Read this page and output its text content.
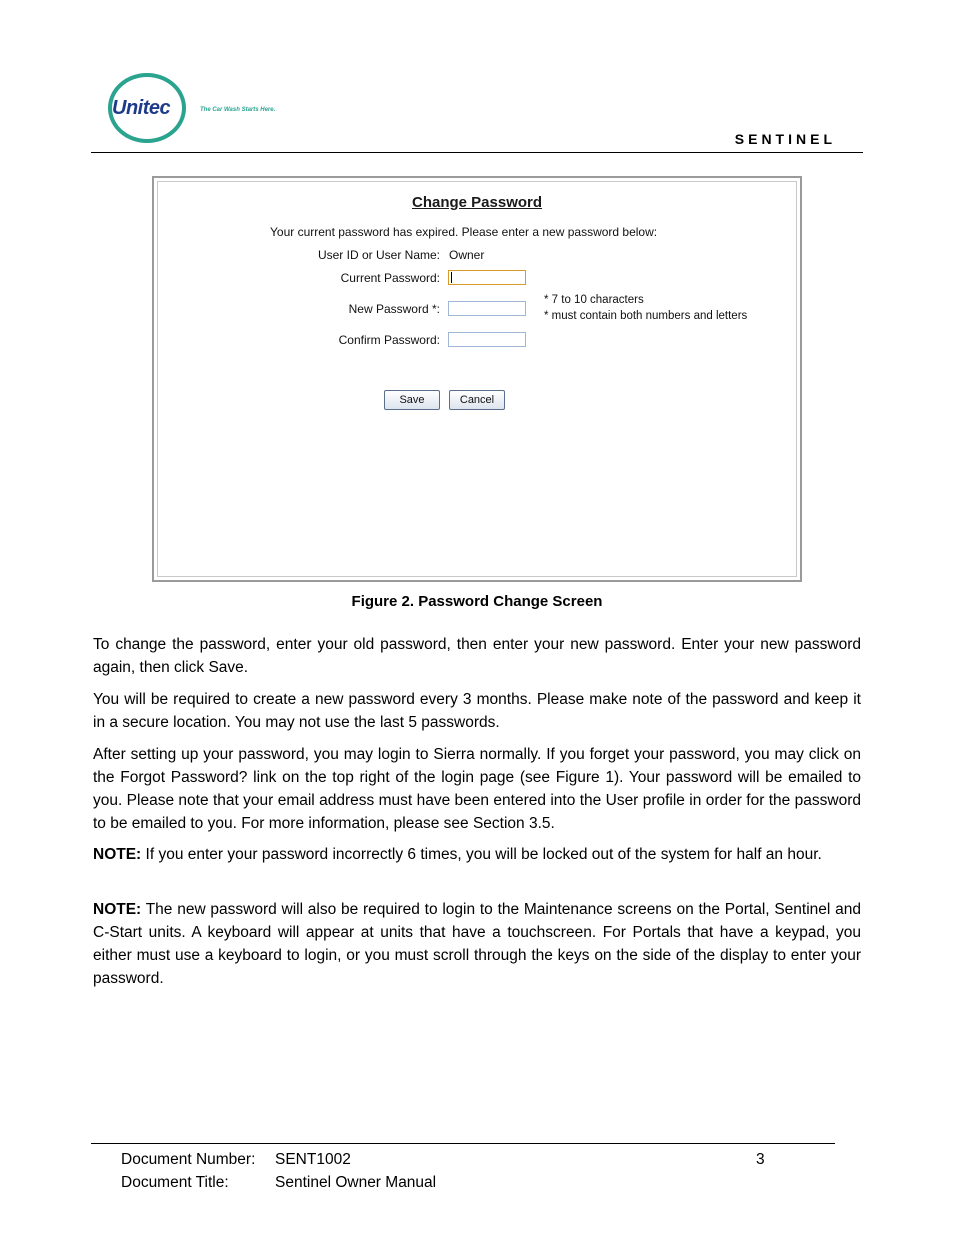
Unitec	The Car Wash Starts Here.
SENTINEL
Change Password
Your current password has expired. Please enter a new password below:
User ID or User Name: Owner
Current Password:
New Password *:
* 7 to 10 characters
* must contain both numbers and letters
Confirm Password:
Save	Cancel
Figure 2. Password Change Screen
To change the password, enter your old password, then enter your new password. Enter your new password again, then click Save.
You will be required to create a new password every 3 months. Please make note of the password and keep it in a secure location. You may not use the last 5 passwords.
After setting up your password, you may login to Sierra normally. If you forget your password, you may click on the Forgot Password? link on the top right of the login page (see Figure 1). Your password will be emailed to you. Please note that your email address must have been entered into the User profile in order for the password to be emailed to you. For more information, please see Section 3.5.
NOTE: If you enter your password incorrectly 6 times, you will be locked out of the system for half an hour.
NOTE: The new password will also be required to login to the Maintenance screens on the Portal, Sentinel and C-Start units. A keyboard will appear at units that have a touchscreen. For Portals that have a keypad, you either must use a keyboard to login, or you must scroll through the keys on the side of the display to enter your password.
Document Number: SENT1002	3
Document Title:	Sentinel Owner Manual
